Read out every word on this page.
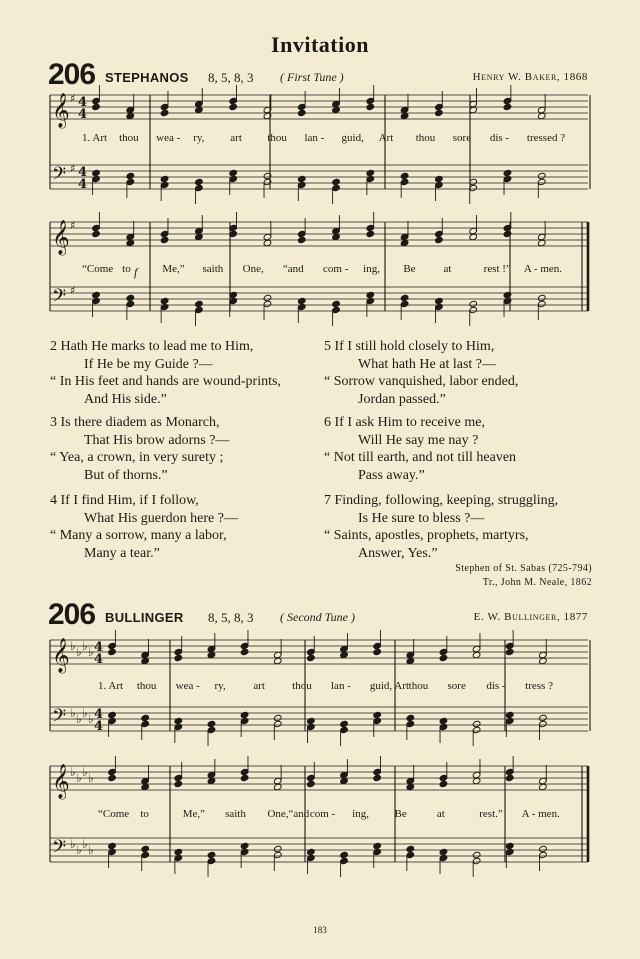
Invitation
𝄞 ♯ 4
4
𝄢 ♯ 4
4
𝄞 ♯
𝄢 ♯
𝄞 ♭ ♭ ♭ ♭ 4
4
𝄢 ♭ ♭ ♭ ♭ 4
4
𝄞 ♭ ♭ ♭ ♭
𝄢 ♭ ♭ ♭ ♭
206 STEPHANOS 8, 5, 8, 3 ( First Tune )	Henry W. Baker, 1868
1. Art thou wea - ry, art thou lan - guid, Art thou sore dis - tressed ?
“Come to	Me,” saith One, “and com - ing, Be	at	rest !” A - men.
f
2 Hath He marks to lead me to Him,
If He be my Guide ?—
“ In His feet and hands are wound-prints,
And His side.”
3 Is there diadem as Monarch,
That His brow adorns ?—
“ Yea, a crown, in very surety ;
But of thorns.”
4 If I find Him, if I follow,
What His guerdon here ?—
“ Many a sorrow, many a labor,
Many a tear.”
5 If I still hold closely to Him,
What hath He at last ?—
“ Sorrow vanquished, labor ended,
Jordan passed.”
6 If I ask Him to receive me,
Will He say me nay ?
“ Not till earth, and not till heaven
Pass away.”
7 Finding, following, keeping, struggling,
Is He sure to bless ?—
“ Saints, apostles, prophets, martyrs,
Answer, Yes.”
Stephen of St. Sabas (725-794)
Tr., John M. Neale, 1862
206 BULLINGER 8, 5, 8, 3 ( Second Tune )	E. W. Bullinger, 1877
1. Art thou wea - ry,	art thou lan - guid, Art thou sore dis - tress ?
“Come to	Me,” saith One,“and com - ing, Be	at	rest.” A - men.
183
